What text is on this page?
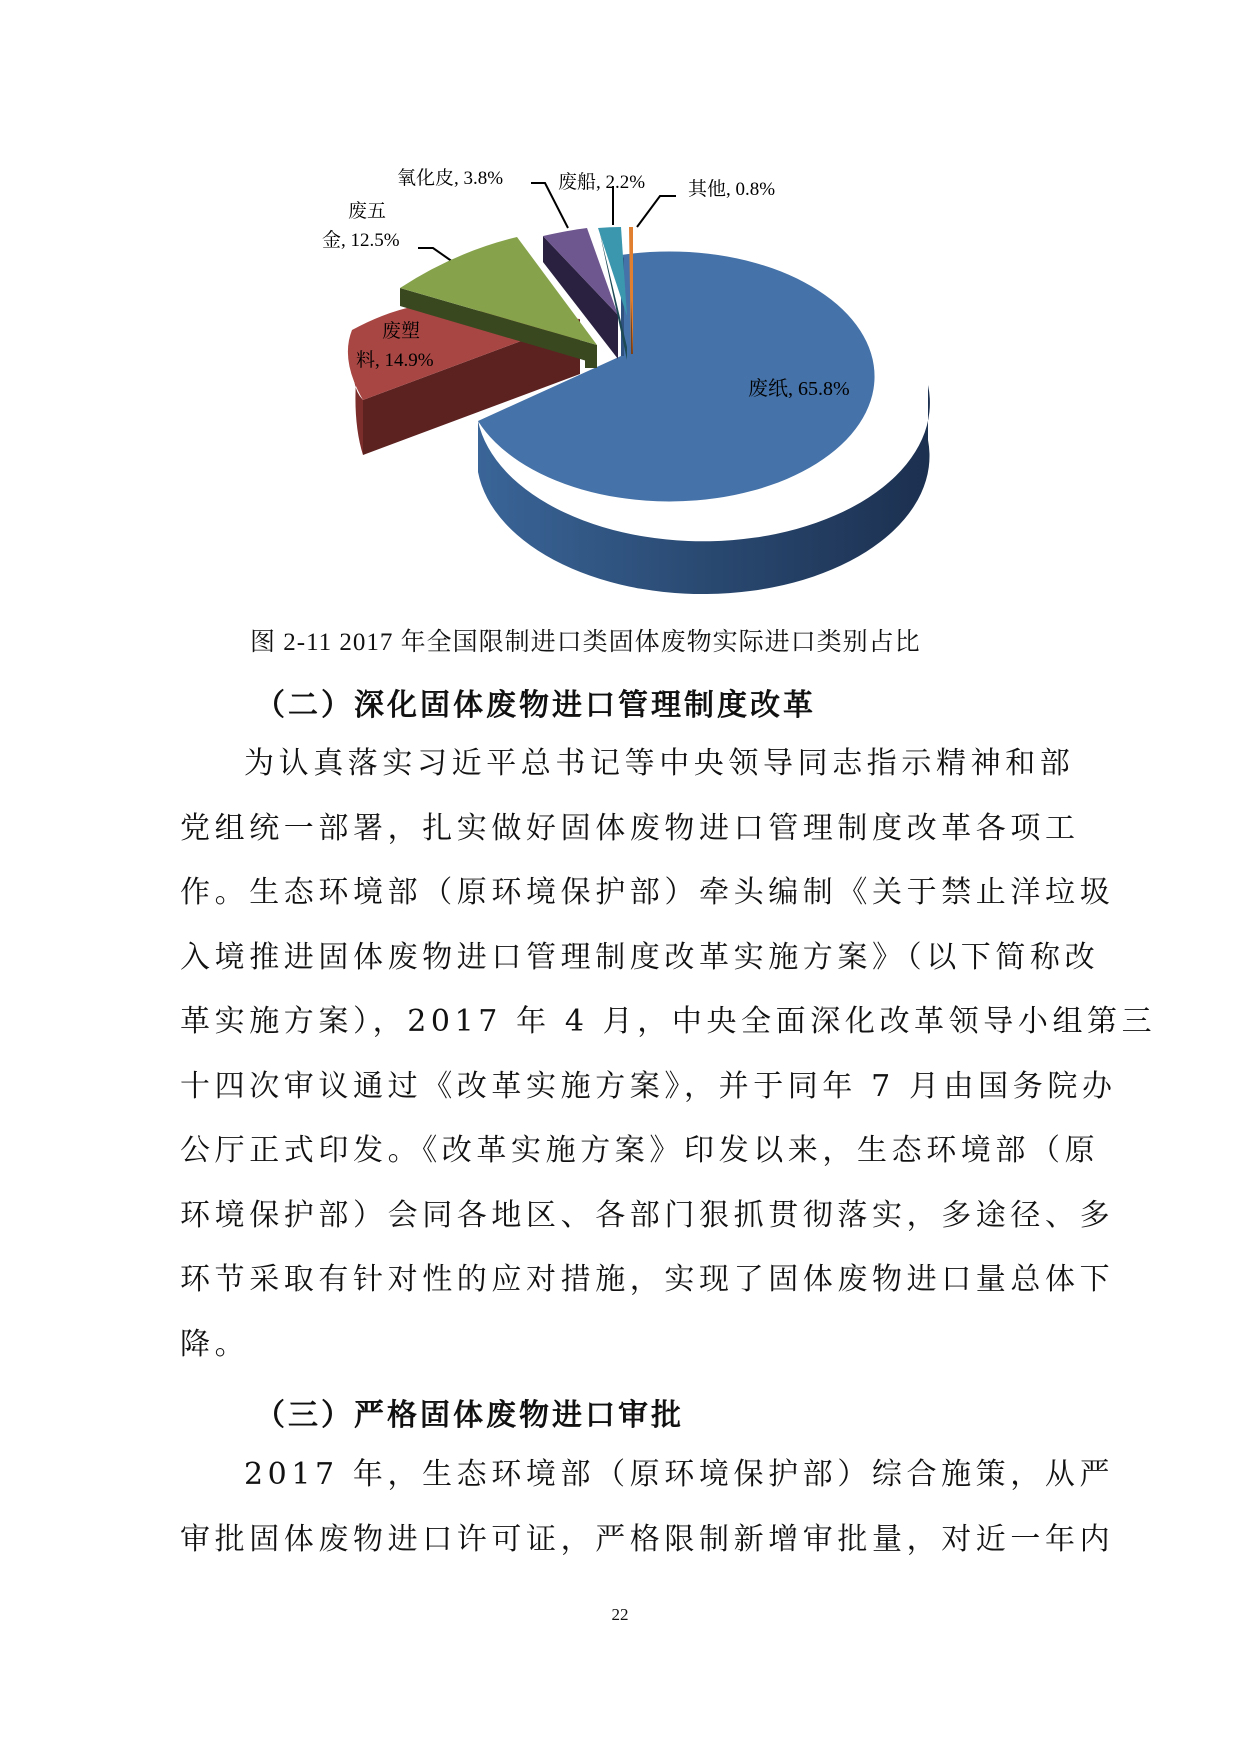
废纸, 65.8%
废塑
料, 14.9%
废五
金, 12.5%
氧化皮, 3.8%	废船, 2.2% 其他, 0.8%
图 2-11 2017 年全国限制进口类固体废物实际进口类别占比
（二）深化固体废物进口管理制度改革
为认真落实习近平总书记等中央领导同志指示精神和部
党组统一部署，扎实做好固体废物进口管理制度改革各项工
作。生态环境部（原环境保护部）牵头编制《关于禁止洋垃圾
入境推进固体废物进口管理制度改革实施方案》（以下简称改
革实施方案），2017 年 4 月，中央全面深化改革领导小组第三
十四次审议通过《改革实施方案》，并于同年 7 月由国务院办
公厅正式印发。《改革实施方案》印发以来，生态环境部（原
环境保护部）会同各地区、各部门狠抓贯彻落实，多途径、多
环节采取有针对性的应对措施，实现了固体废物进口量总体下
降。
（三）严格固体废物进口审批
2017 年，生态环境部（原环境保护部）综合施策，从严
审批固体废物进口许可证，严格限制新增审批量，对近一年内
22
